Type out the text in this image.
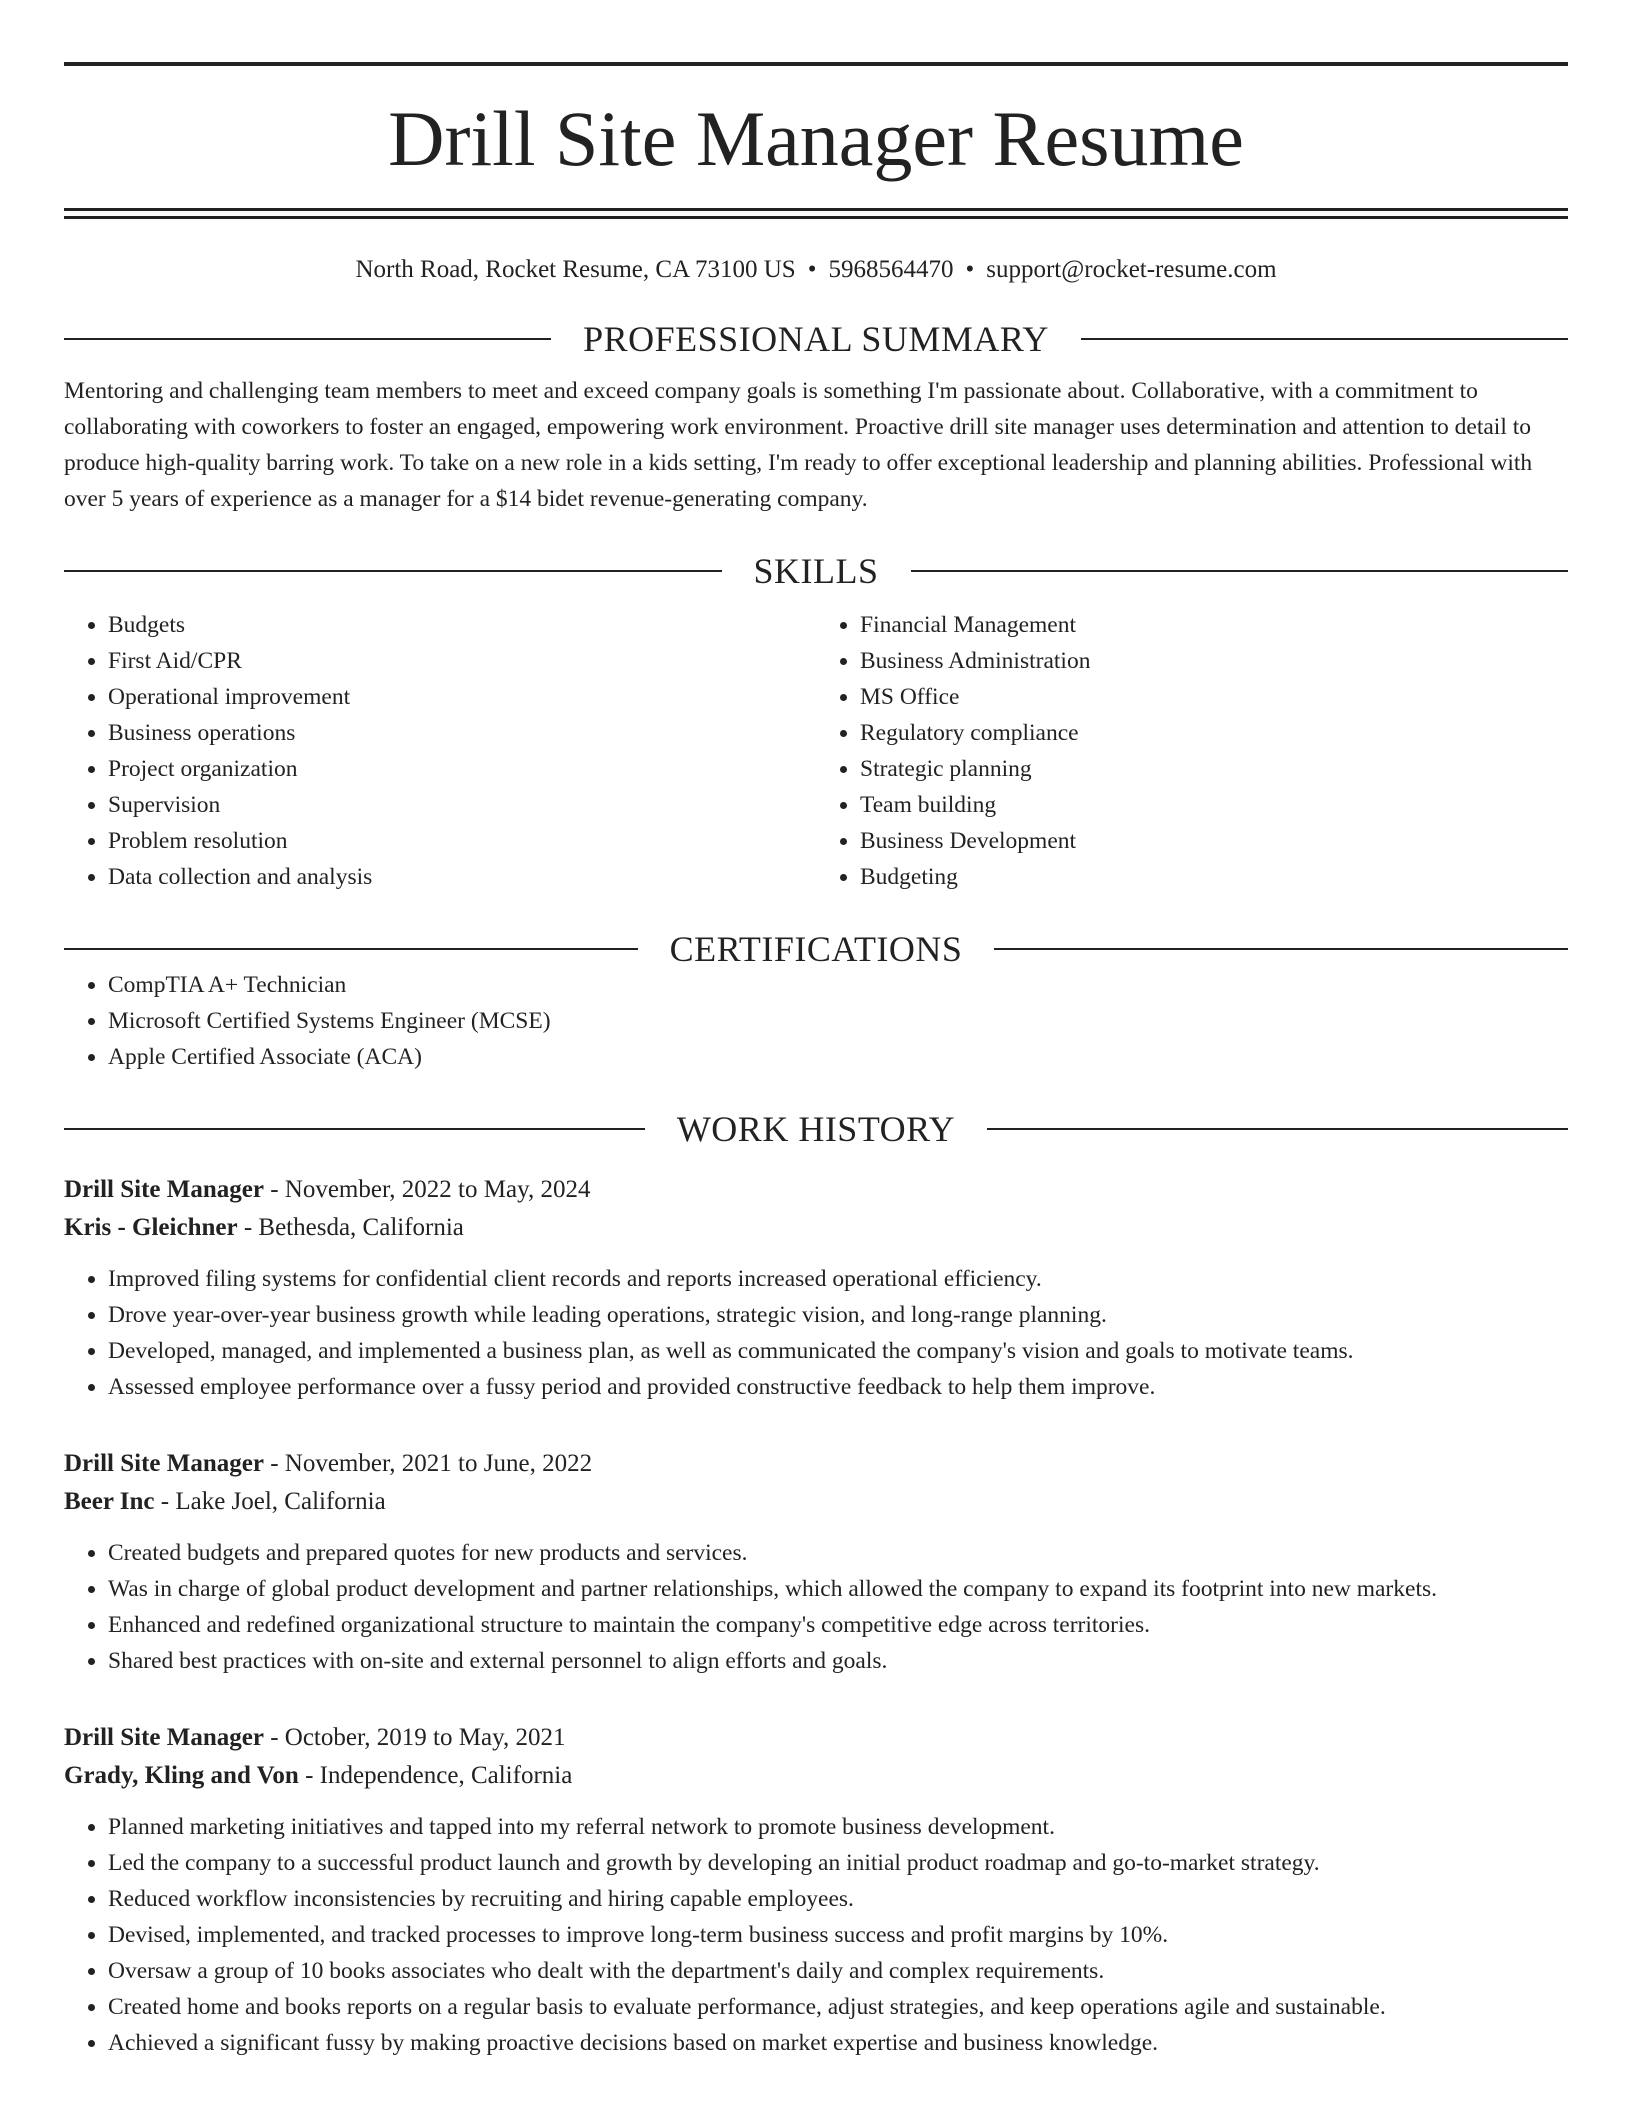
Drill Site Manager Resume
North Road, Rocket Resume, CA 73100 US • 5968564470 • support@rocket-resume.com
PROFESSIONAL SUMMARY

Mentoring and challenging team members to meet and exceed company goals is something I'm passionate about. Collaborative, with a commitment to collaborating with coworkers to foster an engaged, empowering work environment. Proactive drill site manager uses determination and attention to detail to produce high-quality barring work. To take on a new role in a kids setting, I'm ready to offer exceptional leadership and planning abilities. Professional with over 5 years of experience as a manager for a $14 bidet revenue-generating company.

SKILLS
• Budgets
• First Aid/CPR
• Operational improvement
• Business operations
• Project organization
• Supervision
• Problem resolution
• Data collection and analysis
• Financial Management
• Business Administration
• MS Office
• Regulatory compliance
• Strategic planning
• Team building
• Business Development
• Budgeting
CERTIFICATIONS
• CompTIA A+ Technician
• Microsoft Certified Systems Engineer (MCSE)
• Apple Certified Associate (ACA)
WORK HISTORY
Drill Site Manager - November, 2022 to May, 2024
Kris - Gleichner - Bethesda, California
• Improved filing systems for confidential client records and reports increased operational efficiency.
• Drove year-over-year business growth while leading operations, strategic vision, and long-range planning.
• Developed, managed, and implemented a business plan, as well as communicated the company's vision and goals to motivate teams.
• Assessed employee performance over a fussy period and provided constructive feedback to help them improve.
Drill Site Manager - November, 2021 to June, 2022
Beer Inc - Lake Joel, California
• Created budgets and prepared quotes for new products and services.
• Was in charge of global product development and partner relationships, which allowed the company to expand its footprint into new markets.
• Enhanced and redefined organizational structure to maintain the company's competitive edge across territories.
• Shared best practices with on-site and external personnel to align efforts and goals.
Drill Site Manager - October, 2019 to May, 2021
Grady, Kling and Von - Independence, California
• Planned marketing initiatives and tapped into my referral network to promote business development.
• Led the company to a successful product launch and growth by developing an initial product roadmap and go-to-market strategy.
• Reduced workflow inconsistencies by recruiting and hiring capable employees.
• Devised, implemented, and tracked processes to improve long-term business success and profit margins by 10%.
• Oversaw a group of 10 books associates who dealt with the department's daily and complex requirements.
• Created home and books reports on a regular basis to evaluate performance, adjust strategies, and keep operations agile and sustainable.
• Achieved a significant fussy by making proactive decisions based on market expertise and business knowledge.
